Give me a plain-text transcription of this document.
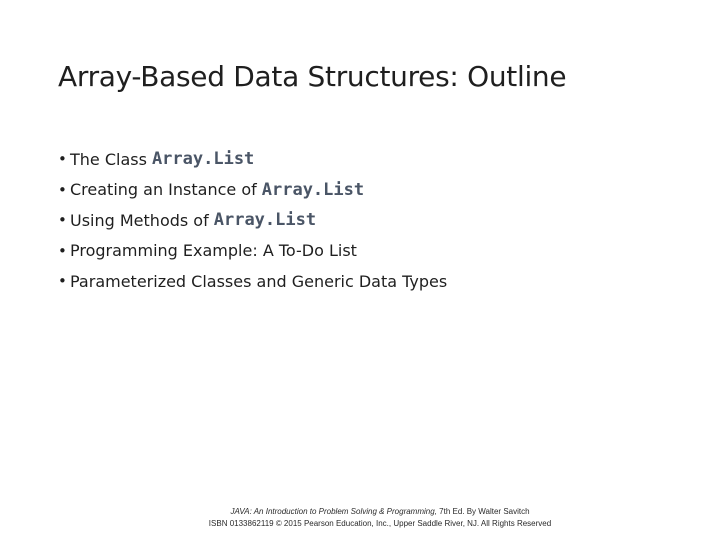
Array-Based Data Structures: Outline
• The Class Array.List
• Creating an Instance of Array.List
• Using Methods of Array.List
• Programming Example: A To-Do List
• Parameterized Classes and Generic Data Types
JAVA: An Introduction to Problem Solving & Programming, 7th Ed. By Walter Savitch
ISBN 0133862119 © 2015 Pearson Education, Inc., Upper Saddle River, NJ. All Rights Reserved
